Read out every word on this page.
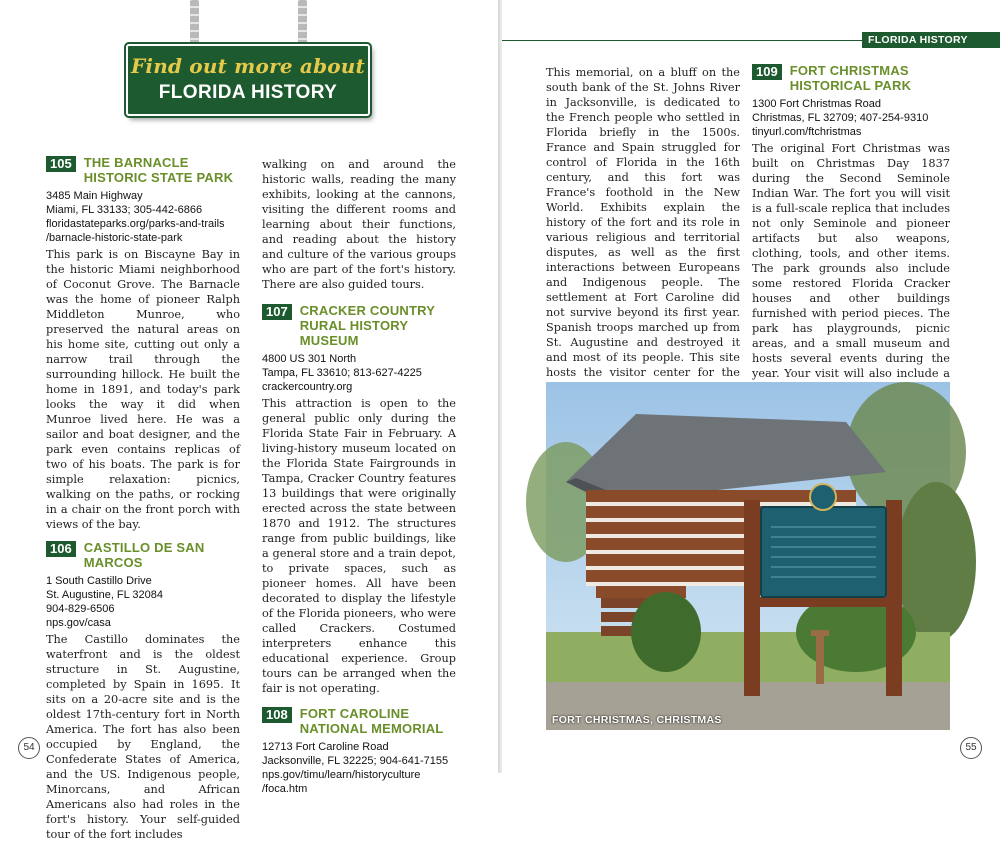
Find out more about
FLORIDA HISTORY
105 THE BARNACLE HISTORIC STATE PARK
3485 Main Highway
Miami, FL 33133; 305-442-6866
floridastateparks.org/parks-and-trails
/barnacle-historic-state-park
This park is on Biscayne Bay in the historic Miami neighborhood of Coconut Grove. The Barnacle was the home of pioneer Ralph Middleton Munroe, who preserved the natural areas on his home site, cutting out only a narrow trail through the surrounding hillock. He built the home in 1891, and today's park looks the way it did when Munroe lived here. He was a sailor and boat designer, and the park even contains replicas of two of his boats. The park is for simple relaxation: picnics, walking on the paths, or rocking in a chair on the front porch with views of the bay.
106 CASTILLO DE SAN MARCOS
1 South Castillo Drive
St. Augustine, FL 32084
904-829-6506
nps.gov/casa
The Castillo dominates the waterfront and is the oldest structure in St. Augustine, completed by Spain in 1695. It sits on a 20-acre site and is the oldest 17th-century fort in North America. The fort has also been occupied by England, the Confederate States of America, and the US. Indigenous people, Minorcans, and African Americans also had roles in the fort's history. Your self-guided tour of the fort includes
walking on and around the historic walls, reading the many exhibits, looking at the cannons, visiting the different rooms and learning about their functions, and reading about the history and culture of the various groups who are part of the fort's history. There are also guided tours.
107 CRACKER COUNTRY RURAL HISTORY MUSEUM
4800 US 301 North
Tampa, FL 33610; 813-627-4225
crackercountry.org
This attraction is open to the general public only during the Florida State Fair in February. A living-history museum located on the Florida State Fairgrounds in Tampa, Cracker Country features 13 buildings that were originally erected across the state between 1870 and 1912. The structures range from public buildings, like a general store and a train depot, to private spaces, such as pioneer homes. All have been decorated to display the lifestyle of the Florida pioneers, who were called Crackers. Costumed interpreters enhance this educational experience. Group tours can be arranged when the fair is not operating.
108 FORT CAROLINE NATIONAL MEMORIAL
12713 Fort Caroline Road
Jacksonville, FL 32225; 904-641-7155
nps.gov/timu/learn/historyculture
/foca.htm
54
FLORIDA HISTORY
This memorial, on a bluff on the south bank of the St. Johns River in Jacksonville, is dedicated to the French people who settled in Florida briefly in the 1500s. France and Spain struggled for control of Florida in the 16th century, and this fort was France's foothold in the New World. Exhibits explain the history of the fort and its role in various religious and territorial disputes, as well as the first interactions between Europeans and Indigenous people. The settlement at Fort Caroline did not survive beyond its first year. Spanish troops marched up from St. Augustine and destroyed it and most of its people. This site hosts the visitor center for the
109 FORT CHRISTMAS HISTORICAL PARK
1300 Fort Christmas Road
Christmas, FL 32709; 407-254-9310
tinyurl.com/ftchristmas
The original Fort Christmas was built on Christmas Day 1837 during the Second Seminole Indian War. The fort you will visit is a full-scale replica that includes not only Seminole and pioneer artifacts but also weapons, clothing, tools, and other items. The park grounds also include some restored Florida Cracker houses and other buildings furnished with period pieces. The park has playgrounds, picnic areas, and a small museum and hosts several events during the year. Your visit will also include a
FORT CHRISTMAS, CHRISTMAS
55
